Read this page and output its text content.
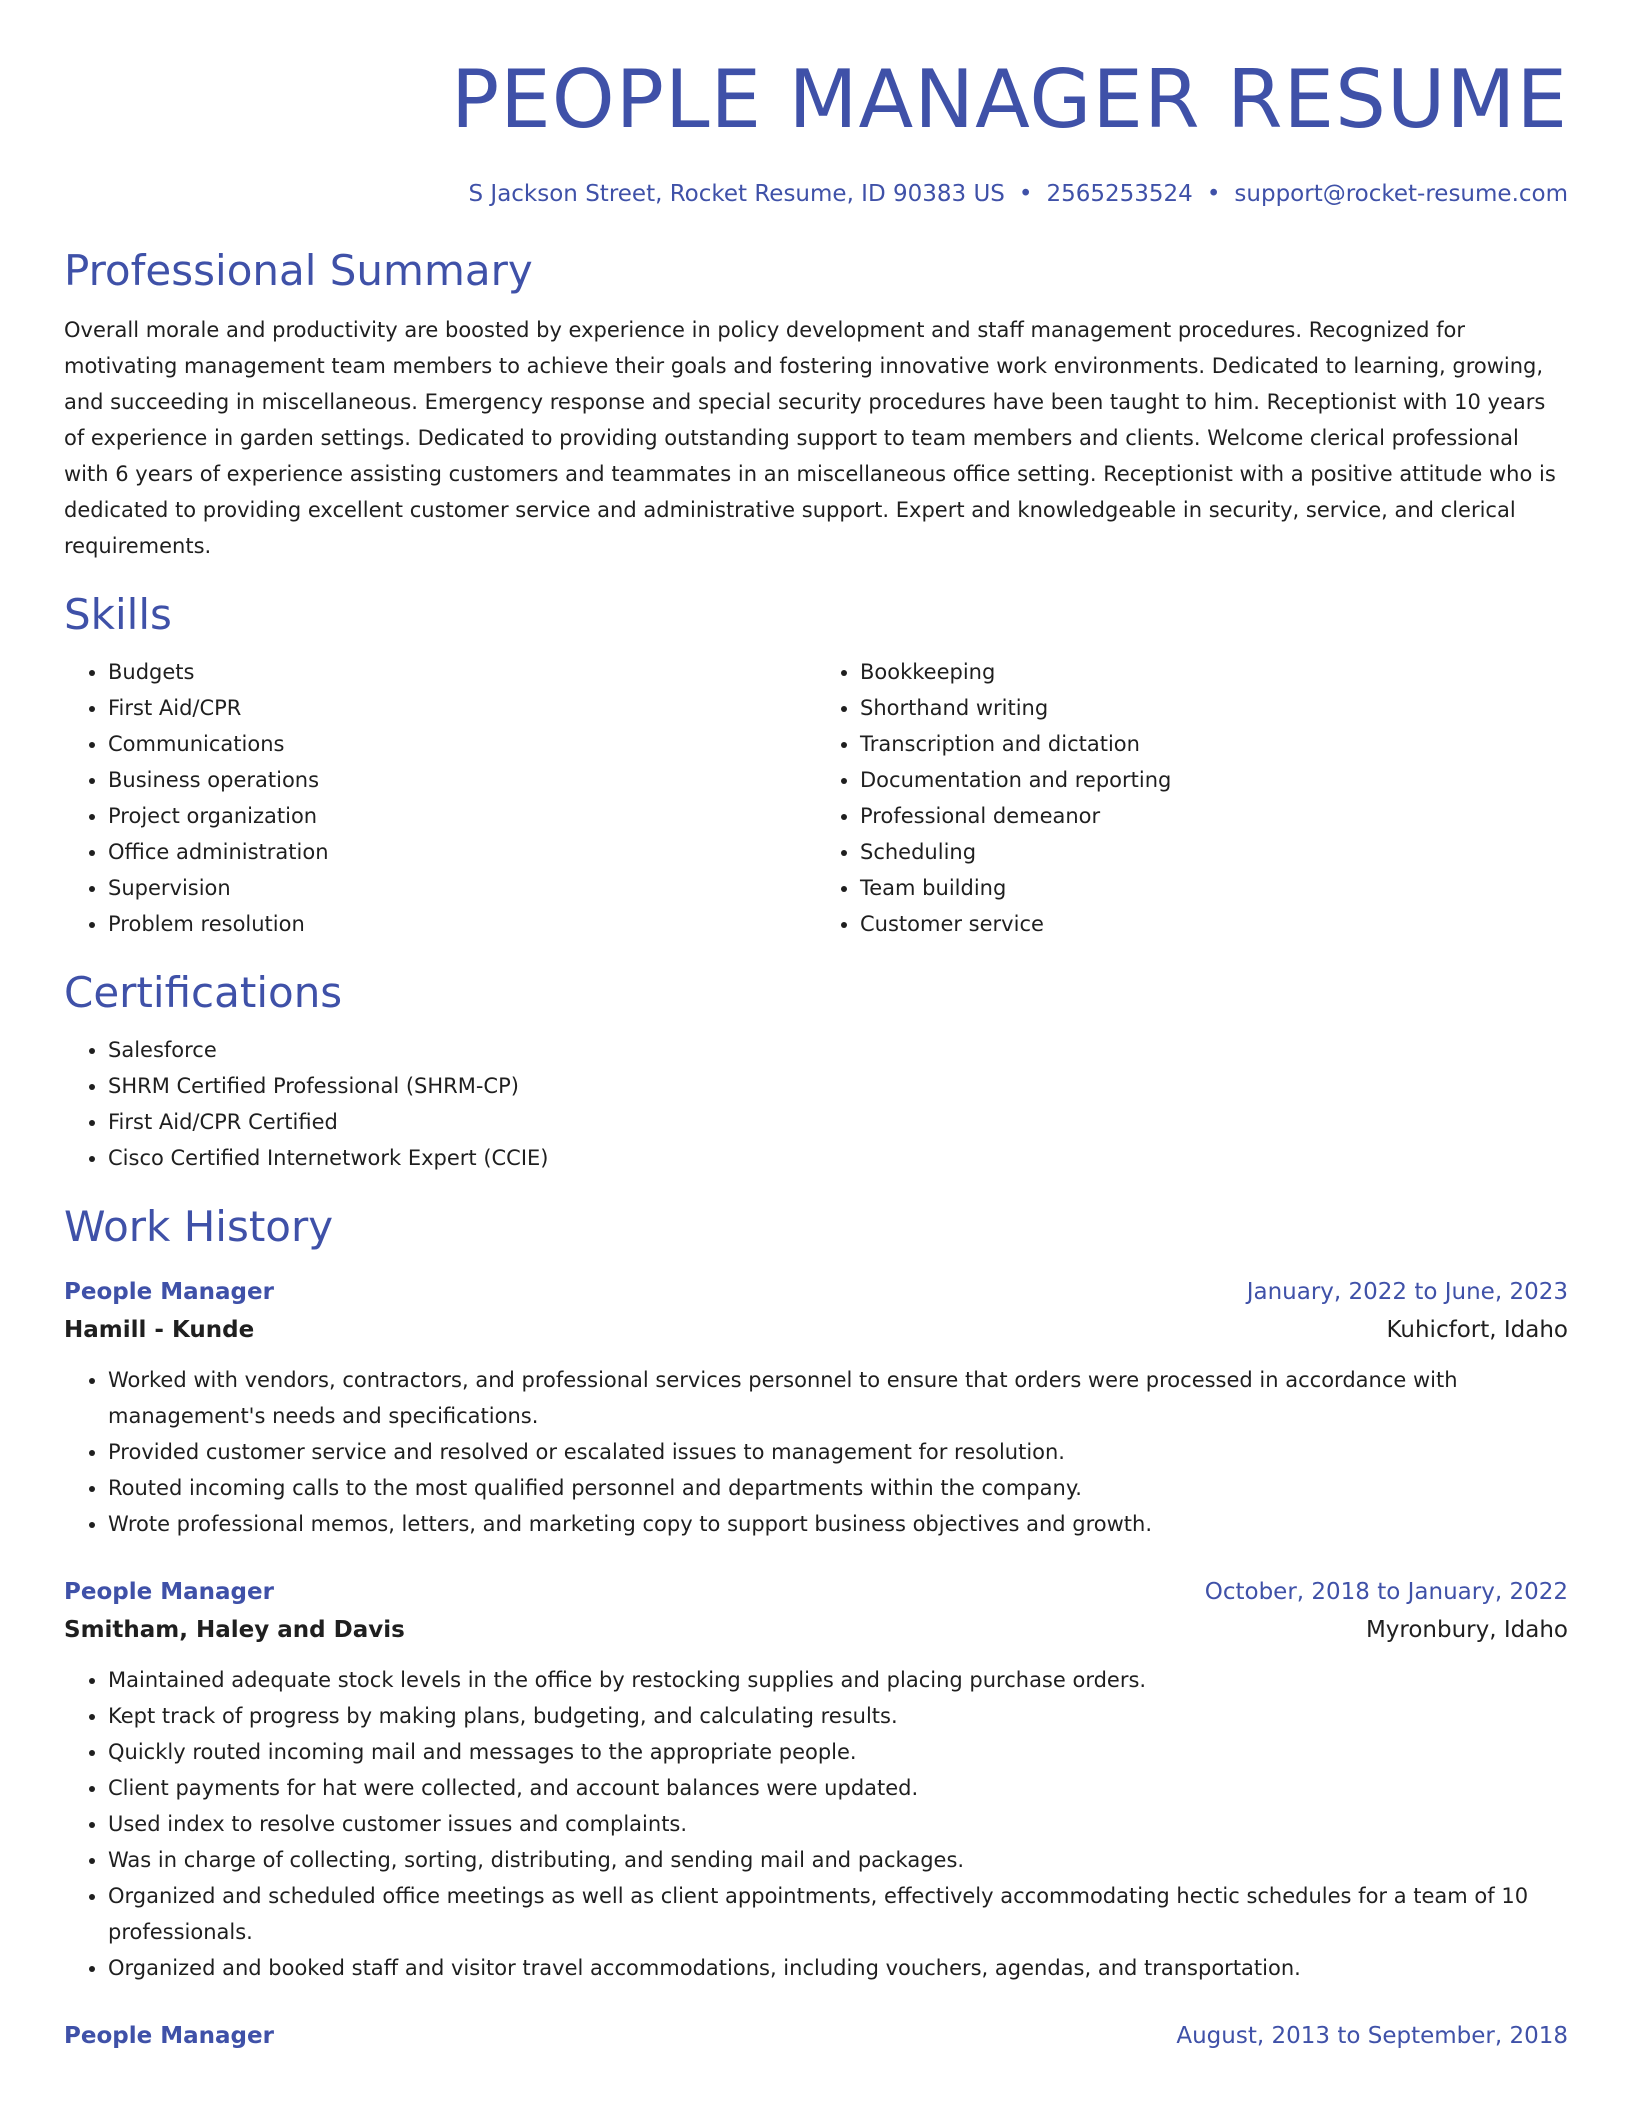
PEOPLE MANAGER RESUME
S Jackson Street, Rocket Resume, ID 90383 US • 2565253524 • support@rocket-resume.com
Professional Summary
Overall morale and productivity are boosted by experience in policy development and staff management procedures. Recognized for motivating management team members to achieve their goals and fostering innovative work environments. Dedicated to learning, growing, and succeeding in miscellaneous. Emergency response and special security procedures have been taught to him. Receptionist with 10 years of experience in garden settings. Dedicated to providing outstanding support to team members and clients. Welcome clerical professional with 6 years of experience assisting customers and teammates in an miscellaneous office setting. Receptionist with a positive attitude who is dedicated to providing excellent customer service and administrative support. Expert and knowledgeable in security, service, and clerical requirements.
Skills
• Budgets
• First Aid/CPR
• Communications
• Business operations
• Project organization
• Office administration
• Supervision
• Problem resolution
• Bookkeeping
• Shorthand writing
• Transcription and dictation
• Documentation and reporting
• Professional demeanor
• Scheduling
• Team building
• Customer service
Certifications
• Salesforce
• SHRM Certified Professional (SHRM-CP)
• First Aid/CPR Certified
• Cisco Certified Internetwork Expert (CCIE)
Work History
People Manager	January, 2022 to June, 2023
Hamill - Kunde	Kuhicfort, Idaho
• Worked with vendors, contractors, and professional services personnel to ensure that orders were processed in accordance with management's needs and specifications.
• Provided customer service and resolved or escalated issues to management for resolution.
• Routed incoming calls to the most qualified personnel and departments within the company.
• Wrote professional memos, letters, and marketing copy to support business objectives and growth.
People Manager	October, 2018 to January, 2022
Smitham, Haley and Davis	Myronbury, Idaho
• Maintained adequate stock levels in the office by restocking supplies and placing purchase orders.
• Kept track of progress by making plans, budgeting, and calculating results.
• Quickly routed incoming mail and messages to the appropriate people.
• Client payments for hat were collected, and account balances were updated.
• Used index to resolve customer issues and complaints.
• Was in charge of collecting, sorting, distributing, and sending mail and packages.
• Organized and scheduled office meetings as well as client appointments, effectively accommodating hectic schedules for a team of 10 professionals.
• Organized and booked staff and visitor travel accommodations, including vouchers, agendas, and transportation.
People Manager	August, 2013 to September, 2018
